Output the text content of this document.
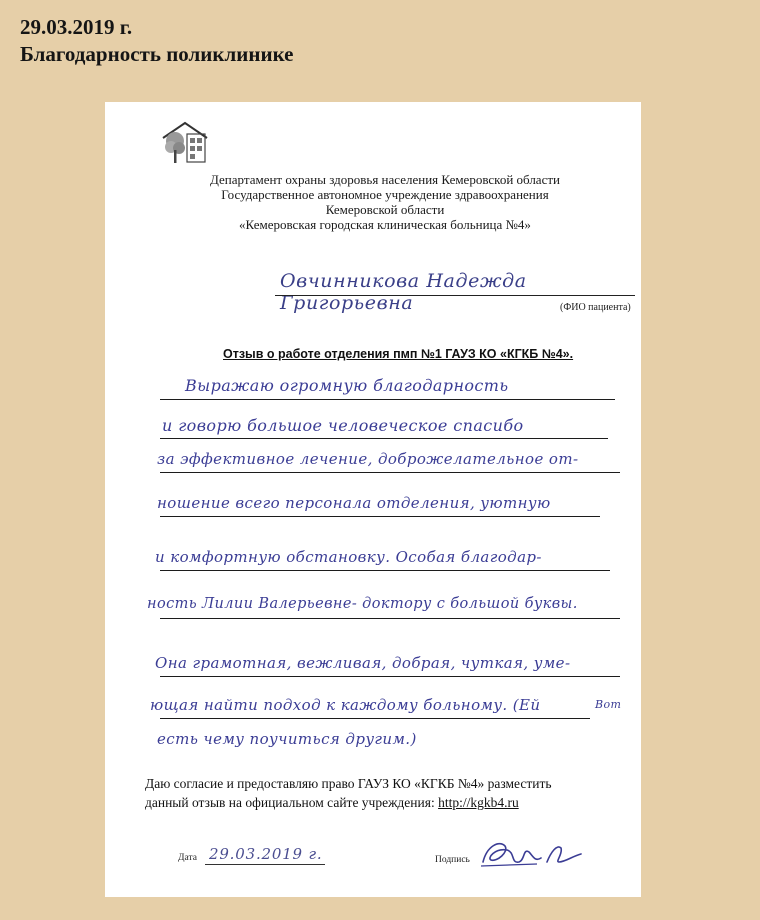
29.03.2019 г.
Благодарность поликлинике
Департамент охраны здоровья населения Кемеровской области
Государственное автономное учреждение здравоохранения
Кемеровской области
«Кемеровская городская клиническая больница №4»
Овчинникова Надежда Григорьевна	(ФИО пациента)
Отзыв о работе отделения пмп №1 ГАУЗ КО «КГКБ №4».
Выражаю огромную благодарность
и говорю большое человеческое спасибо
за эффективное лечение, доброжелательное от-
ношение всего персонала отделения, уютную
и комфортную обстановку. Особая благодар-
ность Лилии Валерьевне- доктору с большой буквы.
Она грамотная, вежливая, добрая, чуткая, уме-
ющая найти подход к каждому больному. (Ей
есть чему поучиться другим.)
Вот
Даю согласие и предоставляю право ГАУЗ КО «КГКБ №4» разместить
данный отзыв на официальном сайте учреждения: http://kgkb4.ru
Дата 29.03.2019 г.	Подпись
